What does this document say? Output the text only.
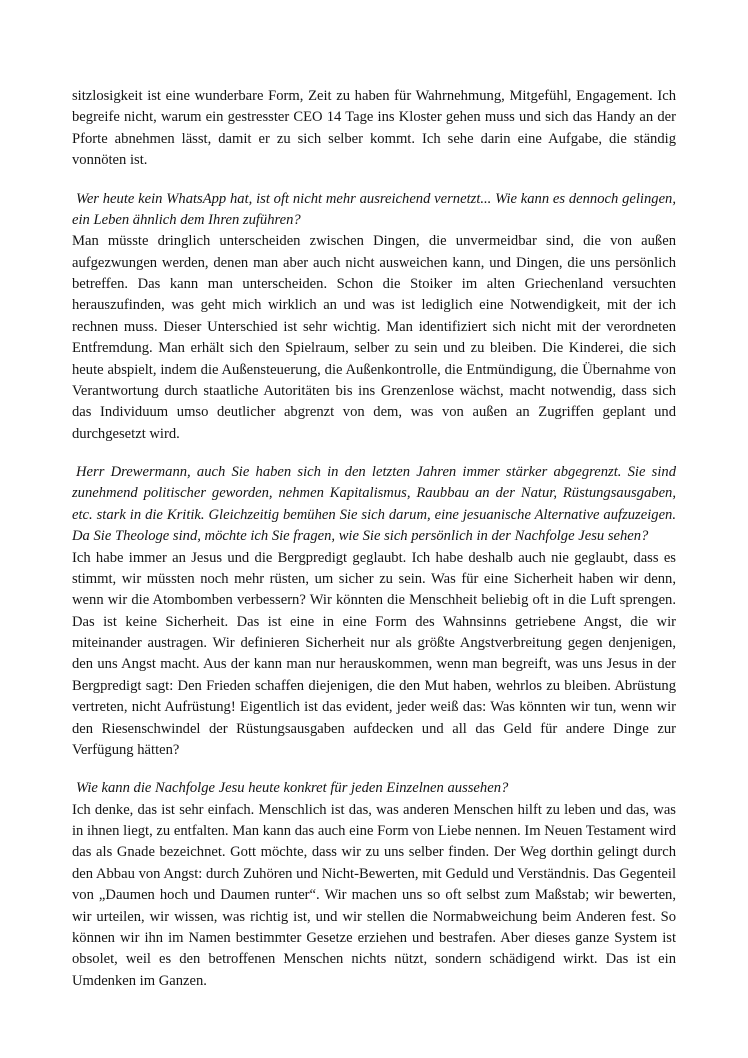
sitzlosigkeit ist eine wunderbare Form, Zeit zu haben für Wahrnehmung, Mitgefühl, Engagement. Ich begreife nicht, warum ein gestresster CEO 14 Tage ins Kloster gehen muss und sich das Handy an der Pforte abnehmen lässt, damit er zu sich selber kommt. Ich sehe darin eine Aufgabe, die ständig vonnöten ist.

Wer heute kein WhatsApp hat, ist oft nicht mehr ausreichend vernetzt... Wie kann es dennoch gelingen, ein Leben ähnlich dem Ihren zuführen?

Man müsste dringlich unterscheiden zwischen Dingen, die unvermeidbar sind, die von außen aufgezwungen werden, denen man aber auch nicht ausweichen kann, und Dingen, die uns persönlich betreffen. Das kann man unterscheiden. Schon die Stoiker im alten Griechenland versuchten herauszufinden, was geht mich wirklich an und was ist lediglich eine Notwendigkeit, mit der ich rechnen muss. Dieser Unterschied ist sehr wichtig. Man identifiziert sich nicht mit der verordneten Entfremdung. Man erhält sich den Spielraum, selber zu sein und zu bleiben. Die Kinderei, die sich heute abspielt, indem die Außensteuerung, die Außenkontrolle, die Entmündigung, die Übernahme von Verantwortung durch staatliche Autoritäten bis ins Grenzenlose wächst, macht notwendig, dass sich das Individuum umso deutlicher abgrenzt von dem, was von außen an Zugriffen geplant und durchgesetzt wird.

Herr Drewermann, auch Sie haben sich in den letzten Jahren immer stärker abgegrenzt. Sie sind zunehmend politischer geworden, nehmen Kapitalismus, Raubbau an der Natur, Rüstungsausgaben, etc. stark in die Kritik. Gleichzeitig bemühen Sie sich darum, eine jesuanische Alternative aufzuzeigen. Da Sie Theologe sind, möchte ich Sie fragen, wie Sie sich persönlich in der Nachfolge Jesu sehen?

Ich habe immer an Jesus und die Bergpredigt geglaubt. Ich habe deshalb auch nie geglaubt, dass es stimmt, wir müssten noch mehr rüsten, um sicher zu sein. Was für eine Sicherheit haben wir denn, wenn wir die Atombomben verbessern? Wir könnten die Menschheit beliebig oft in die Luft sprengen. Das ist keine Sicherheit. Das ist eine in eine Form des Wahnsinns getriebene Angst, die wir miteinander austragen. Wir definieren Sicherheit nur als größte Angstverbreitung gegen denjenigen, den uns Angst macht. Aus der kann man nur herauskommen, wenn man begreift, was uns Jesus in der Bergpredigt sagt: Den Frieden schaffen diejenigen, die den Mut haben, wehrlos zu bleiben. Abrüstung vertreten, nicht Aufrüstung! Eigentlich ist das evident, jeder weiß das: Was könnten wir tun, wenn wir den Riesenschwindel der Rüstungsausgaben aufdecken und all das Geld für andere Dinge zur Verfügung hätten?

Wie kann die Nachfolge Jesu heute konkret für jeden Einzelnen aussehen?

Ich denke, das ist sehr einfach. Menschlich ist das, was anderen Menschen hilft zu leben und das, was in ihnen liegt, zu entfalten. Man kann das auch eine Form von Liebe nennen. Im Neuen Testament wird das als Gnade bezeichnet. Gott möchte, dass wir zu uns selber finden. Der Weg dorthin gelingt durch den Abbau von Angst: durch Zuhören und Nicht-Bewerten, mit Geduld und Verständnis. Das Gegenteil von „Daumen hoch und Daumen runter“. Wir machen uns so oft selbst zum Maßstab; wir bewerten, wir urteilen, wir wissen, was richtig ist, und wir stellen die Normabweichung beim Anderen fest. So können wir ihn im Namen bestimmter Gesetze erziehen und bestrafen. Aber dieses ganze System ist obsolet, weil es den betroffenen Menschen nichts nützt, sondern schädigend wirkt. Das ist ein Umdenken im Ganzen.
